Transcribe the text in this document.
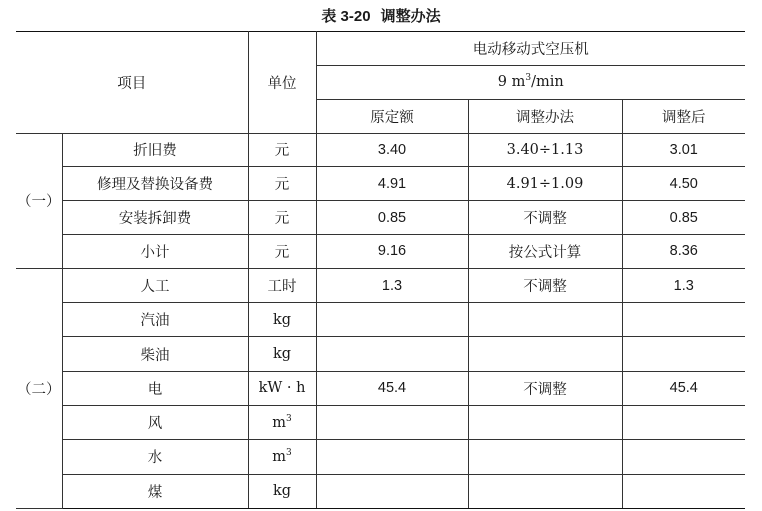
表 3-20 调整办法
项目		单位	电动移动式空压机		
			9 $m^3/\min$		
			原定额	调整办法	调整后
（一）	折旧费	元	3.40	3.40÷1.13	3.01
	修理及替换设备费	元	4.91	4.91÷1.09	4.50
	安装拆卸费	元	0.85	不调整	0.85
	小计	元	9.16	按公式计算	8.36
（二）	人工	工时	1.3	不调整	1.3
	汽油	kg			
	柴油	kg			
	电	kW · h	45.4	不调整	45.4
	风	$m^3$			
	水	$m^3$			
	煤	kg			
